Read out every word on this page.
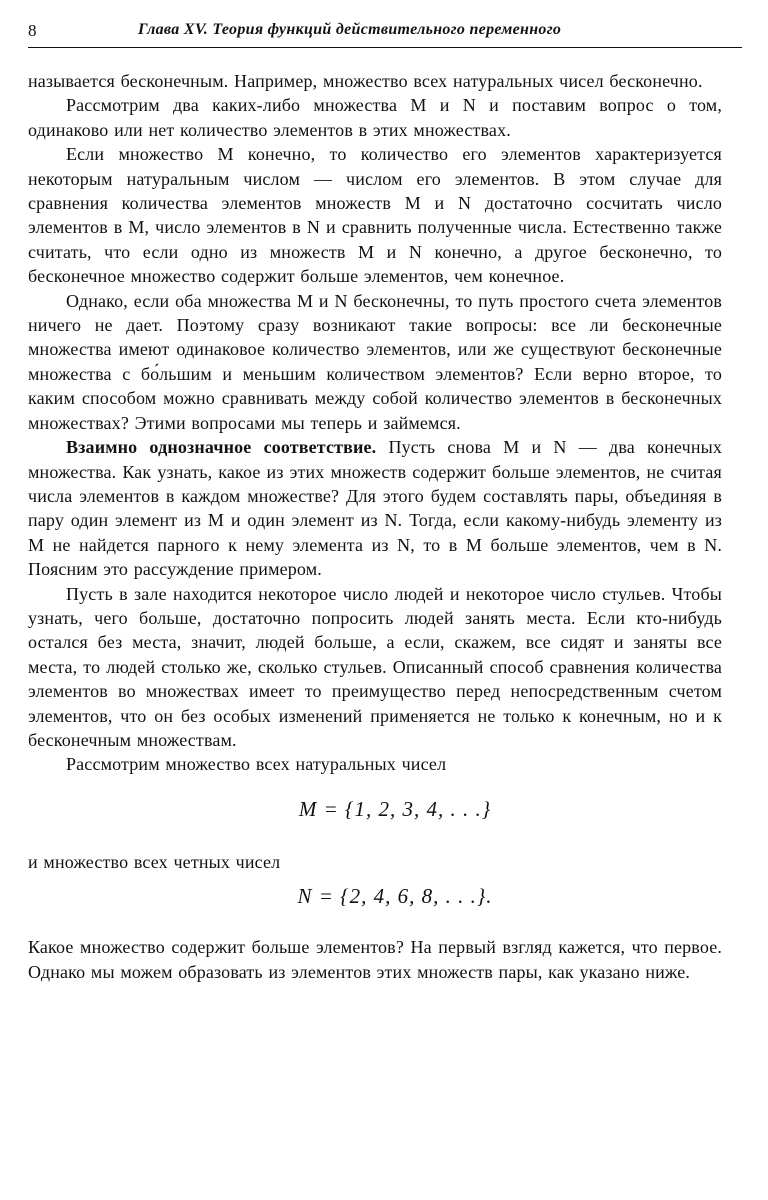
8	Глава XV. Теория функций действительного переменного

называется бесконечным. Например, множество всех натуральных чисел бесконечно.

Рассмотрим два каких-либо множества M и N и поставим вопрос о том, одинаково или нет количество элементов в этих множествах.

Если множество M конечно, то количество его элементов характеризуется некоторым натуральным числом — числом его элементов. В этом случае для сравнения количества элементов множеств M и N достаточно сосчитать число элементов в M, число элементов в N и сравнить полученные числа. Естественно также считать, что если одно из множеств M и N конечно, а другое бесконечно, то бесконечное множество содержит больше элементов, чем конечное.

Однако, если оба множества M и N бесконечны, то путь простого счета элементов ничего не дает. Поэтому сразу возникают такие вопросы: все ли бесконечные множества имеют одинаковое количество элементов, или же существуют бесконечные множества с бо́льшим и меньшим количеством элементов? Если верно второе, то каким способом можно сравнивать между собой количество элементов в бесконечных множествах? Этими вопросами мы теперь и займемся.

Взаимно однозначное соответствие. Пусть снова M и N — два конечных множества. Как узнать, какое из этих множеств содержит больше элементов, не считая числа элементов в каждом множестве? Для этого будем составлять пары, объединяя в пару один элемент из M и один элемент из N. Тогда, если какому-нибудь элементу из M не найдется парного к нему элемента из N, то в M больше элементов, чем в N. Поясним это рассуждение примером.

Пусть в зале находится некоторое число людей и некоторое число стульев. Чтобы узнать, чего больше, достаточно попросить людей занять места. Если кто-нибудь остался без места, значит, людей больше, а если, скажем, все сидят и заняты все места, то людей столько же, сколько стульев. Описанный способ сравнения количества элементов во множествах имеет то преимущество перед непосредственным счетом элементов, что он без особых изменений применяется не только к конечным, но и к бесконечным множествам.

Рассмотрим множество всех натуральных чисел

M = {1, 2, 3, 4, . . .}

и множество всех четных чисел

N = {2, 4, 6, 8, . . .}.

Какое множество содержит больше элементов? На первый взгляд кажется, что первое. Однако мы можем образовать из элементов этих множеств пары, как указано ниже.
